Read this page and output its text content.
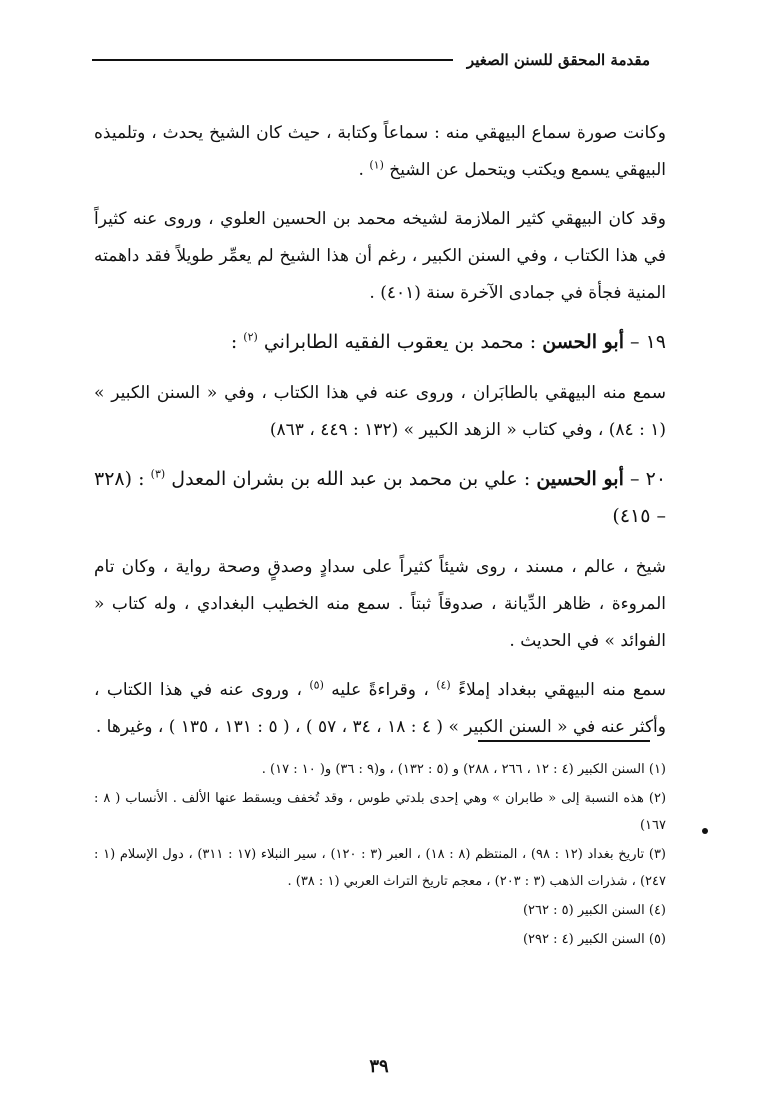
مقدمة المحقق للسنن الصغير

وكانت صورة سماع البيهقي منه : سماعاً وكتابة ، حيث كان الشيخ يحدث ، وتلميذه البيهقي يسمع ويكتب ويتحمل عن الشيخ $^{(١)}$ .

وقد كان البيهقي كثير الملازمة لشيخه محمد بن الحسين العلوي ، وروى عنه كثيراً في هذا الكتاب ، وفي السنن الكبير ، رغم أن هذا الشيخ لم يعمِّر طويلاً فقد داهمته المنية فجأة في جمادى الآخرة سنة (٤٠١) .

١٩ – أبو الحسن : محمد بن يعقوب الفقيه الطابراني $^{(٢)}$ :

سمع منه البيهقي بالطابَران ، وروى عنه في هذا الكتاب ، وفي « السنن الكبير » (١ : ٨٤) ، وفي كتاب « الزهد الكبير » (١٣٢ : ٤٤٩ ، ٨٦٣)

٢٠ – أبو الحسين : علي بن محمد بن عبد الله بن بشران المعدل $^{(٣)}$ : (٣٢٨ – ٤١٥)

شيخ ، عالم ، مسند ، روى شيئاً كثيراً على سدادٍ وصدقٍ وصحة رواية ، وكان تام المروءة ، ظاهر الدِّيانة ، صدوقاً ثبتاً . سمع منه الخطيب البغدادي ، وله كتاب « الفوائد » في الحديث .

سمع منه البيهقي ببغداد إملاءً $^{(٤)}$ ، وقراءةً عليه $^{(٥)}$ ، وروى عنه في هذا الكتاب ، وأكثر عنه في « السنن الكبير » ( ٤ : ١٨ ، ٣٤ ، ٥٧ ) ، ( ٥ : ١٣١ ، ١٣٥ ) ، وغيرها .

(١) السنن الكبير (٤ : ١٢ ، ٢٦٦ ، ٢٨٨) و (٥ : ١٣٢) ، و(٩ : ٣٦) و( ١٠ : ١٧) .

(٢) هذه النسبة إلى « طابران » وهي إحدى بلدتي طوس ، وقد تُخفف ويسقط عنها الألف . الأنساب ( ٨ : ١٦٧)

(٣) تاريخ بغداد (١٢ : ٩٨) ، المنتظم (٨ : ١٨) ، العبر (٣ : ١٢٠) ، سير النبلاء (١٧ : ٣١١) ، دول الإسلام (١ : ٢٤٧) ، شذرات الذهب (٣ : ٢٠٣) ، معجم تاريخ التراث العربي (١ : ٣٨) .

(٤) السنن الكبير (٥ : ٢٦٢)

(٥) السنن الكبير (٤ : ٢٩٢)

٣٩
